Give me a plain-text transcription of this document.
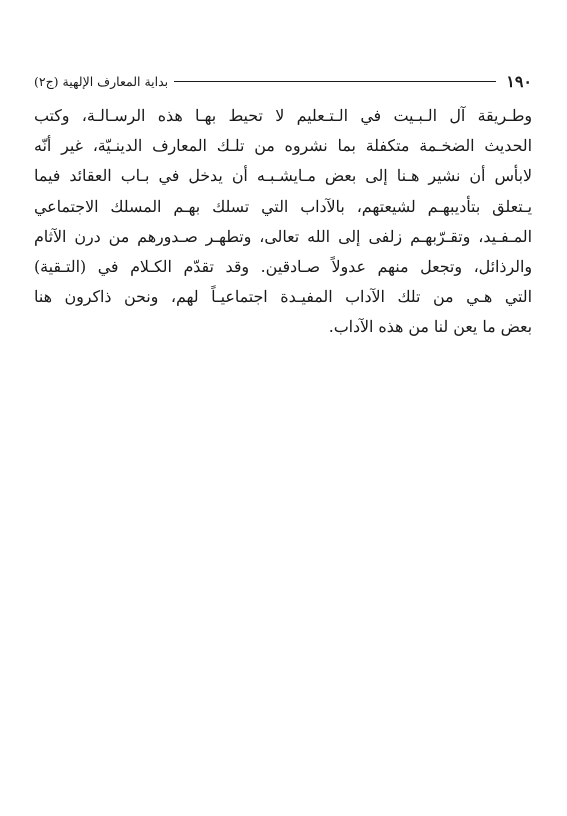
١٩٠
بداية المعارف الإلهية (ج٢)
وطـريقة آل الـبـيت في الـتـعليم لا تحيط بهـا هذه الرسـالـة، وكتب
الحديث الضخـمة متكفلة بما نشروه من تلـك المعارف الدينـيّة، غير أنّه
لابأس أن نشير هـنا إلى بعض مـايشـبـه أن يدخل في بـاب العقائد فيما
يـتعلق بتأديبهـم لشيعتهم، بالآداب التي تسلك بهـم المسلك الاجتماعي
المـفـيد، وتقـرّبهـم زلفى إلى الله تعالى، وتطهـر صـدورهم من درن الآثام
والرذائل، وتجعل منهم عدولاً صـادقين. وقد تقدّم الكـلام في (التـقية)
التي هـي من تلك الآداب المفيـدة اجتماعيـاً لهم، ونحن ذاكرون هنا
بعض ما يعن لنا من هذه الآداب.
